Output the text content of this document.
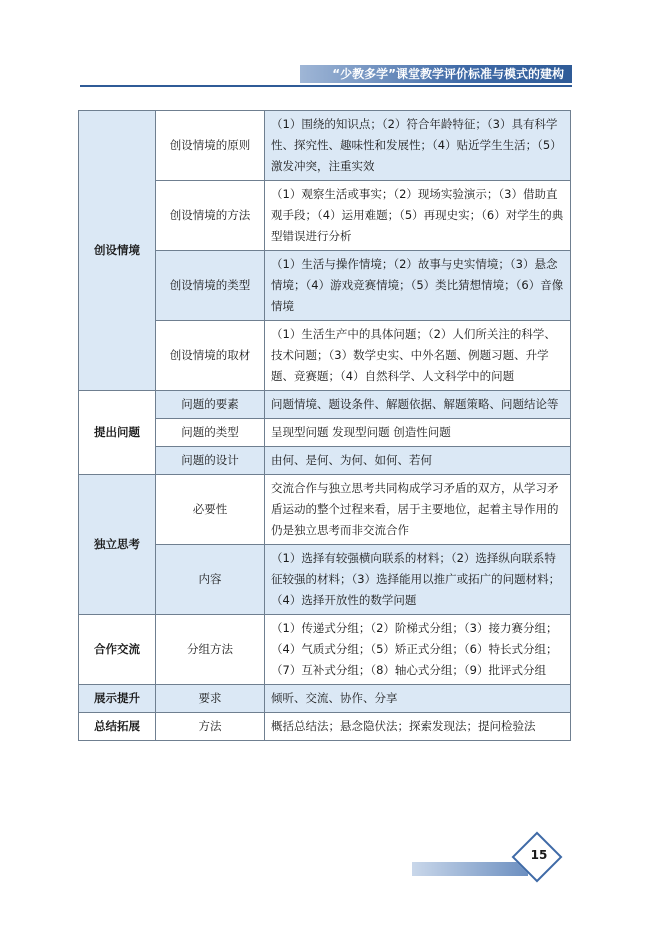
“少教多学”课堂教学评价标准与模式的建构
创设情境	创设情境的原则	（1）围绕的知识点；（2）符合年龄特征；（3）具有科学性、探究性、趣味性和发展性；（4）贴近学生生活；（5）激发冲突，注重实效
	创设情境的方法	（1）观察生活或事实；（2）现场实验演示；（3）借助直观手段；（4）运用难题；（5）再现史实；（6）对学生的典型错误进行分析
	创设情境的类型	（1）生活与操作情境；（2）故事与史实情境；（3）悬念情境；（4）游戏竞赛情境；（5）类比猜想情境；（6）音像情境
	创设情境的取材	（1）生活生产中的具体问题；（2）人们所关注的科学、技术问题；（3）数学史实、中外名题、例题习题、升学题、竞赛题；（4）自然科学、人文科学中的问题
提出问题	问题的要素	问题情境、题设条件、解题依据、解题策略、问题结论等
	问题的类型	呈现型问题 发现型问题 创造性问题
	问题的设计	由何、是何、为何、如何、若何
独立思考	必要性	交流合作与独立思考共同构成学习矛盾的双方，从学习矛盾运动的整个过程来看，居于主要地位，起着主导作用的仍是独立思考而非交流合作
	内容	（1）选择有较强横向联系的材料；（2）选择纵向联系特征较强的材料；（3）选择能用以推广或拓广的问题材料；（4）选择开放性的数学问题
合作交流	分组方法	（1）传递式分组；（2）阶梯式分组；（3）接力赛分组；（4）气质式分组；（5）矫正式分组；（6）特长式分组；（7）互补式分组；（8）轴心式分组；（9）批评式分组
展示提升	要求	倾听、交流、协作、分享
总结拓展	方法	概括总结法；悬念隐伏法；探索发现法；提问检验法
15
